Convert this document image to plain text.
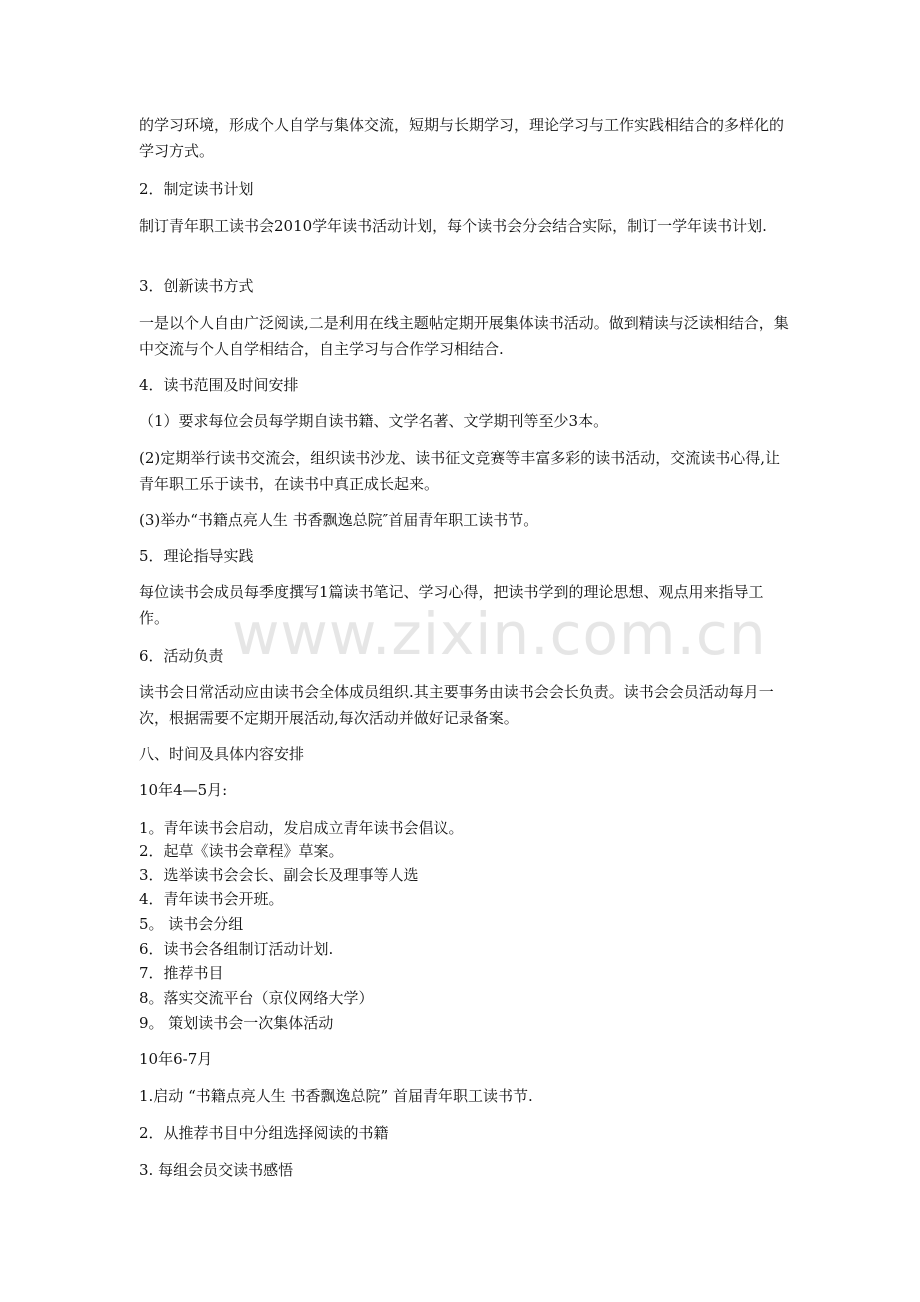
的学习环境，形成个人自学与集体交流，短期与长期学习，理论学习与工作实践相结合的多样化的学习方式。

2．制定读书计划

制订青年职工读书会2010学年读书活动计划，每个读书会分会结合实际，制订一学年读书计划.

3．创新读书方式

一是以个人自由广泛阅读,二是利用在线主题帖定期开展集体读书活动。做到精读与泛读相结合，集中交流与个人自学相结合，自主学习与合作学习相结合.

4．读书范围及时间安排

（1）要求每位会员每学期自读书籍、文学名著、文学期刊等至少3本。

(2)定期举行读书交流会，组织读书沙龙、读书征文竞赛等丰富多彩的读书活动，交流读书心得,让青年职工乐于读书，在读书中真正成长起来。

(3)举办“书籍点亮人生 书香飘逸总院″首届青年职工读书节。

5．理论指导实践

每位读书会成员每季度撰写1篇读书笔记、学习心得，把读书学到的理论思想、观点用来指导工作。

6．活动负责

读书会日常活动应由读书会全体成员组织.其主要事务由读书会会长负责。读书会会员活动每月一次，根据需要不定期开展活动,每次活动并做好记录备案。

八、时间及具体内容安排

10年4—5月:

1。青年读书会启动，发启成立青年读书会倡议。

2．起草《读书会章程》草案。

3．选举读书会会长、副会长及理事等人选

4．青年读书会开班。

5。 读书会分组

6．读书会各组制订活动计划.

7．推荐书目

8。落实交流平台（京仪网络大学）

9。 策划读书会一次集体活动

10年6-7月

1.启动 “书籍点亮人生 书香飘逸总院” 首届青年职工读书节.

2．从推荐书目中分组选择阅读的书籍

3. 每组会员交读书感悟

www.zixin.com.cn
